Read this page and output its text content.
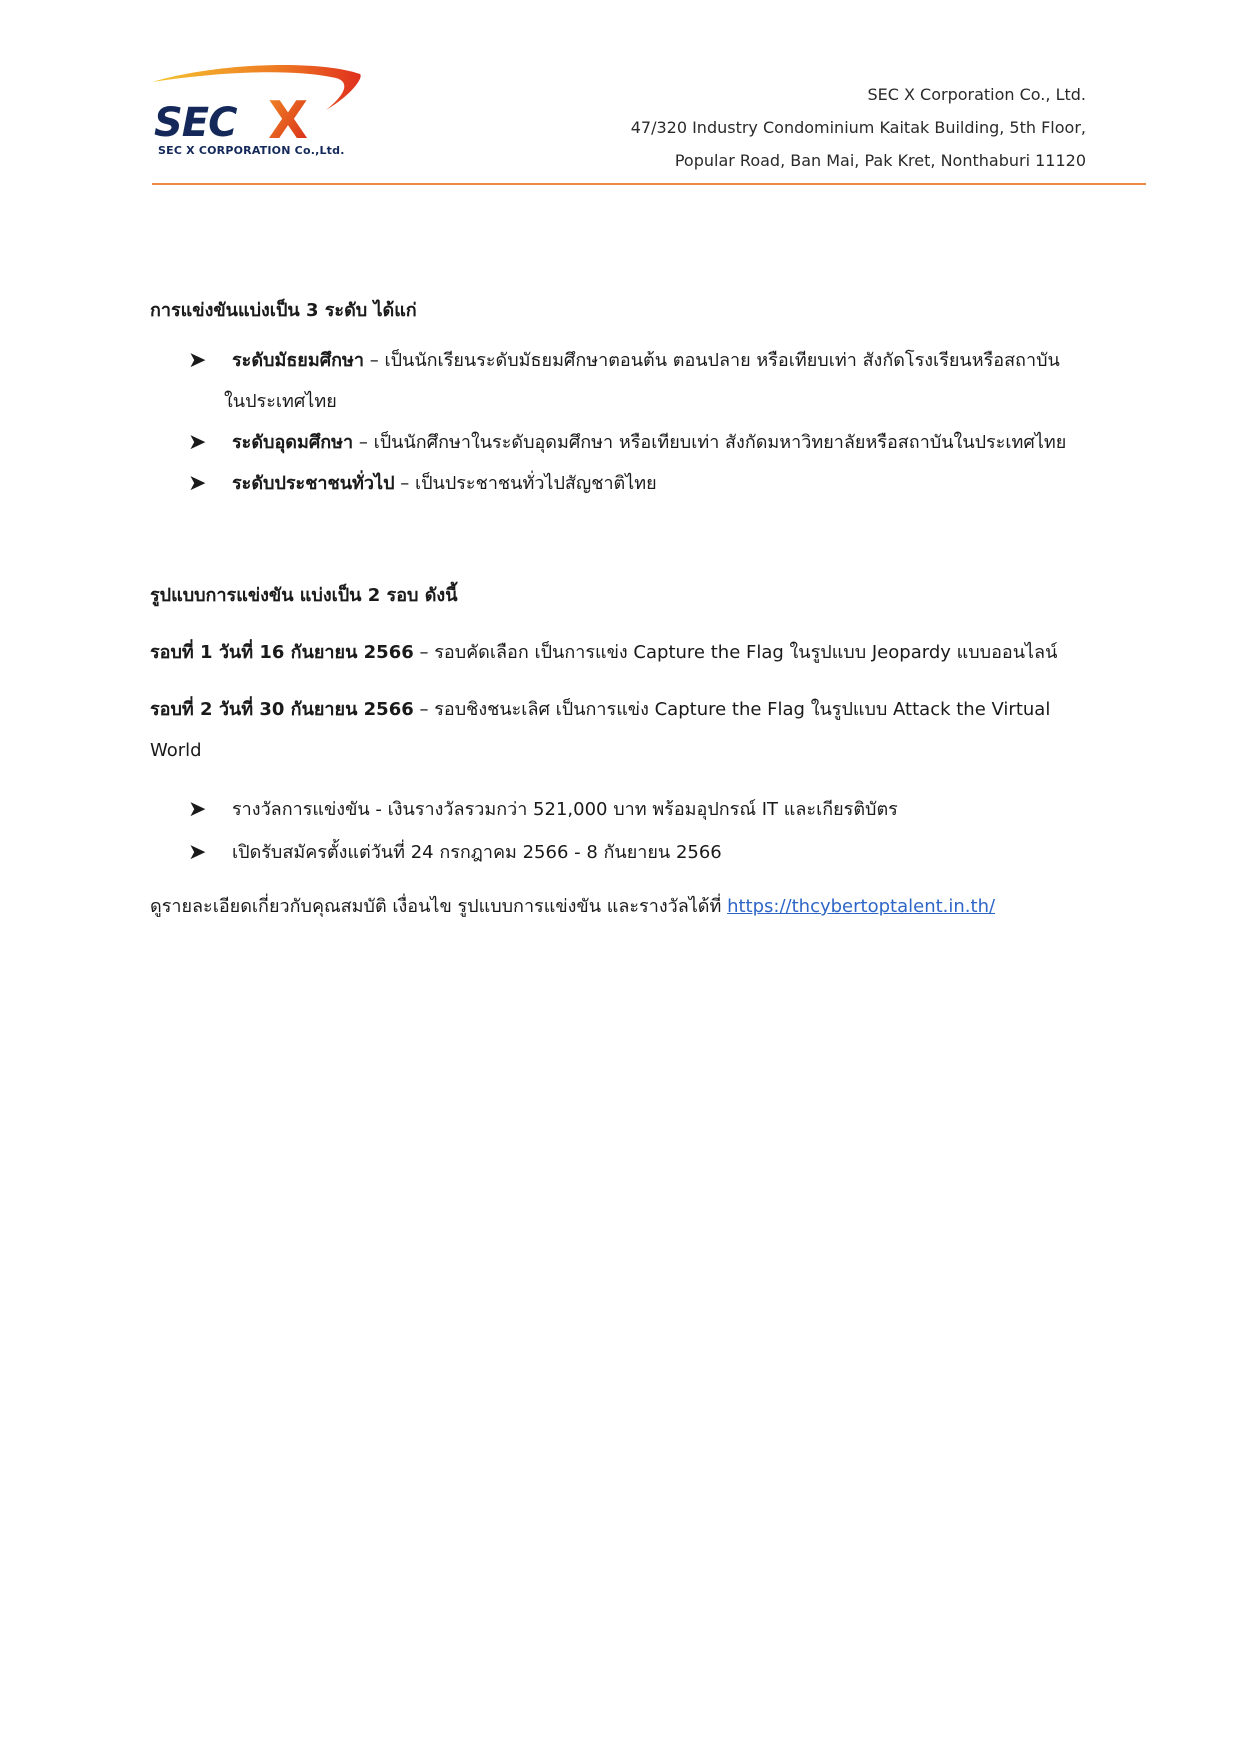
SEC X
SEC X CORPORATION Co.,Ltd.
SEC X Corporation Co., Ltd.
47/320 Industry Condominium Kaitak Building, 5th Floor,
Popular Road, Ban Mai, Pak Kret, Nonthaburi 11120

การแข่งขันแบ่งเป็น 3 ระดับ ได้แก่

➤ ระดับมัธยมศึกษา – เป็นนักเรียนระดับมัธยมศึกษาตอนต้น ตอนปลาย หรือเทียบเท่า สังกัดโรงเรียนหรือสถาบัน
ในประเทศไทย
➤ ระดับอุดมศึกษา – เป็นนักศึกษาในระดับอุดมศึกษา หรือเทียบเท่า สังกัดมหาวิทยาลัยหรือสถาบันในประเทศไทย
➤ ระดับประชาชนทั่วไป – เป็นประชาชนทั่วไปสัญชาติไทย

รูปแบบการแข่งขัน แบ่งเป็น 2 รอบ ดังนี้

รอบที่ 1 วันที่ 16 กันยายน 2566 – รอบคัดเลือก เป็นการแข่ง Capture the Flag ในรูปแบบ Jeopardy แบบออนไลน์

รอบที่ 2 วันที่ 30 กันยายน 2566 – รอบชิงชนะเลิศ เป็นการแข่ง Capture the Flag ในรูปแบบ Attack the Virtual
World

➤ รางวัลการแข่งขัน - เงินรางวัลรวมกว่า 521,000 บาท พร้อมอุปกรณ์ IT และเกียรติบัตร
➤ เปิดรับสมัครตั้งแต่วันที่ 24 กรกฎาคม 2566 - 8 กันยายน 2566

ดูรายละเอียดเกี่ยวกับคุณสมบัติ เงื่อนไข รูปแบบการแข่งขัน และรางวัลได้ที่ https://thcybertoptalent.in.th/
